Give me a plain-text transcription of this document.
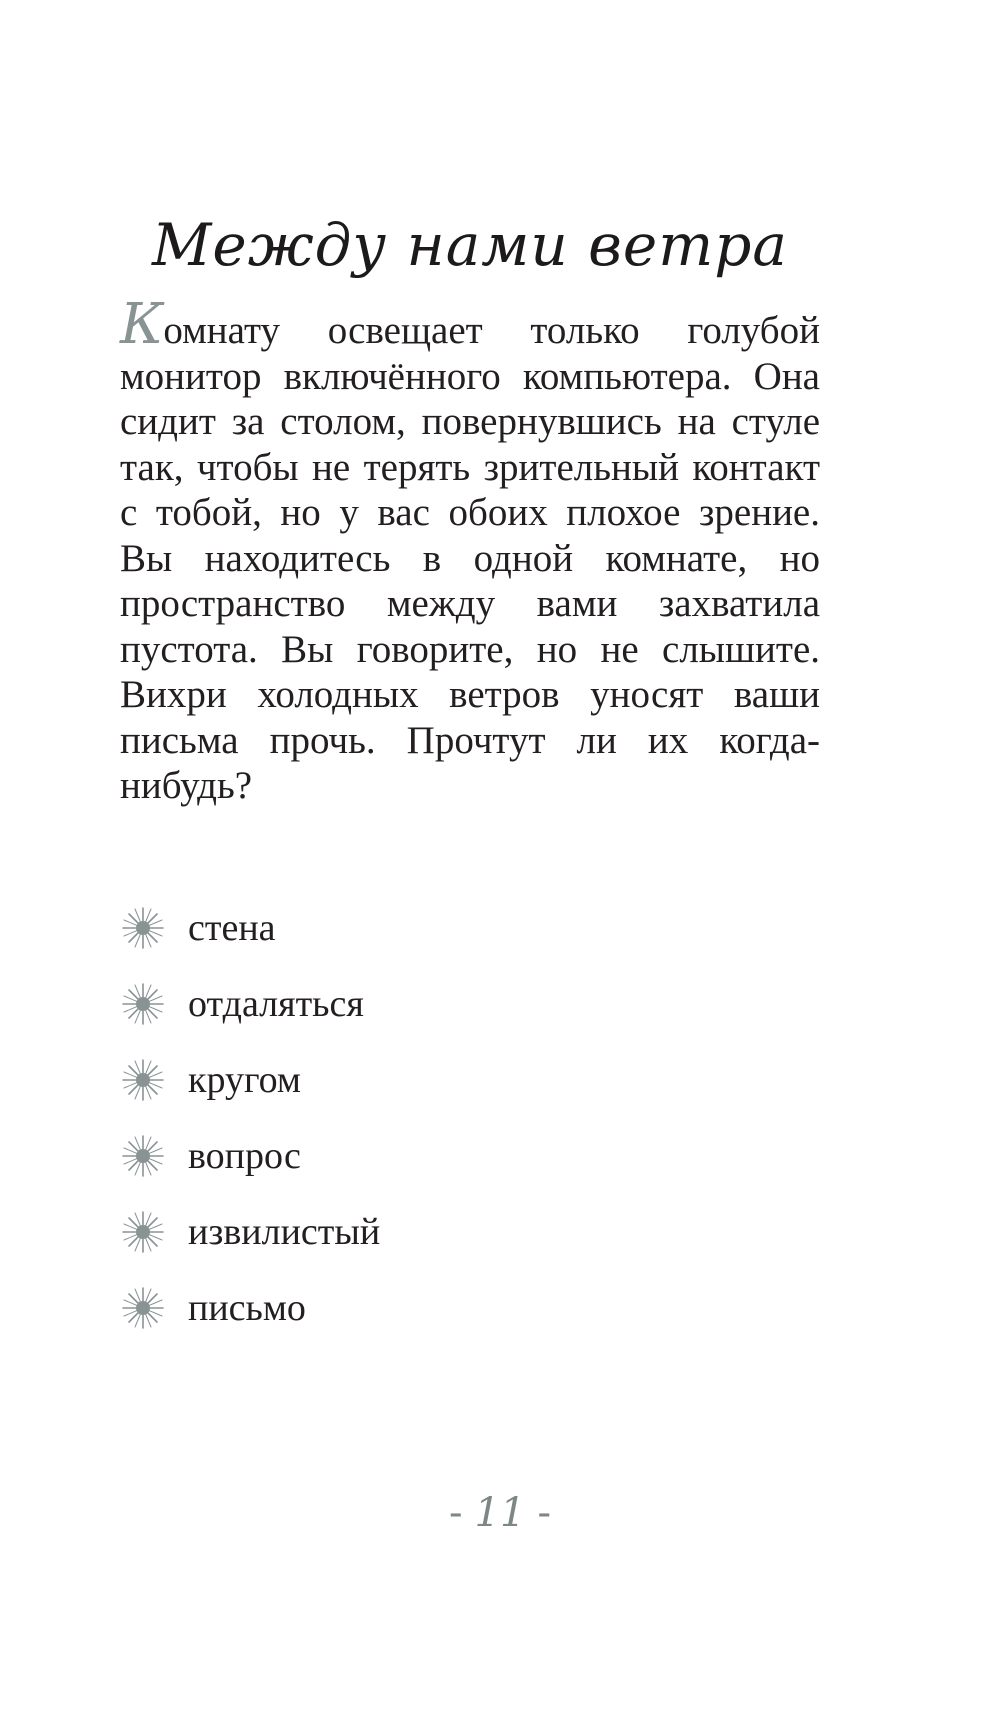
Между нами ветра
Комнату освещает только голубой монитор включённого компьютера. Она сидит за столом, повернувшись на стуле так, чтобы не терять зрительный контакт с тобой, но у вас обоих плохое зрение. Вы находитесь в одной комнате, но пространство между вами захватила пустота. Вы говорите, но не слышите. Вихри холодных ветров уносят ваши письма прочь. Прочтут ли их когда-нибудь?
стена
отдаляться
кругом
вопрос
извилистый
письмо
- 11 -
